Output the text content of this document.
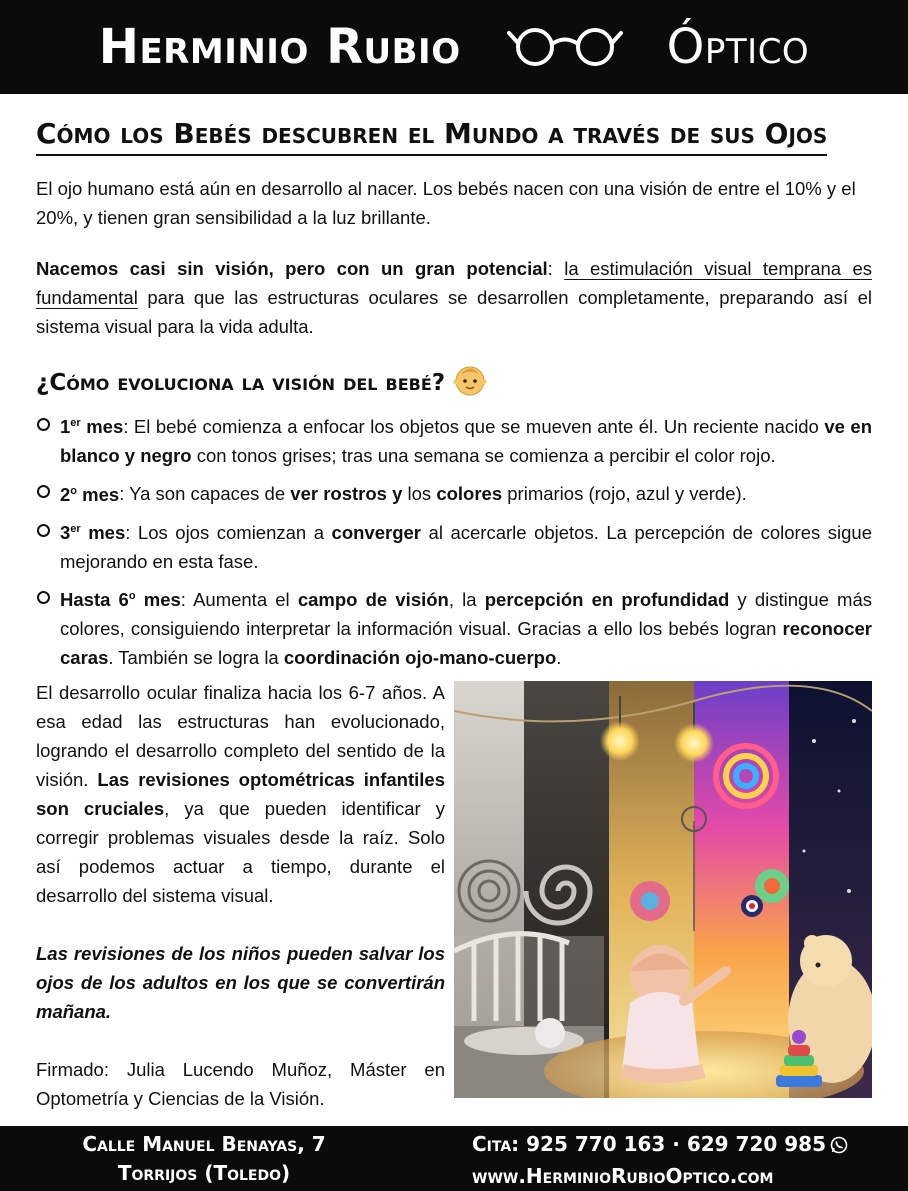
Herminio Rubio	Óptico
Cómo los Bebés descubren el Mundo a través de sus Ojos

El ojo humano está aún en desarrollo al nacer. Los bebés nacen con una visión de entre el 10% y el 20%, y tienen gran sensibilidad a la luz brillante.

Nacemos casi sin visión, pero con un gran potencial: la estimulación visual temprana es fundamental para que las estructuras oculares se desarrollen completamente, preparando así el sistema visual para la vida adulta.

¿Cómo evoluciona la visión del bebé?
1er mes: El bebé comienza a enfocar los objetos que se mueven ante él. Un reciente nacido ve en blanco y negro con tonos grises; tras una semana se comienza a percibir el color rojo.
2$^o$ mes: Ya son capaces de ver rostros y los colores primarios (rojo, azul y verde).
3er mes: Los ojos comienzan a converger al acercarle objetos. La percepción de colores sigue mejorando en esta fase.
Hasta 6$^o$ mes: Aumenta el campo de visión, la percepción en profundidad y distingue más colores, consiguiendo interpretar la información visual. Gracias a ello los bebés logran reconocer caras. También se logra la coordinación ojo-mano-cuerpo.

El desarrollo ocular finaliza hacia los 6-7 años. A esa edad las estructuras han evolucionado, logrando el desarrollo completo del sentido de la visión. Las revisiones optométricas infantiles son cruciales, ya que pueden identificar y corregir problemas visuales desde la raíz. Solo así podemos actuar a tiempo, durante el desarrollo del sistema visual.

Las revisiones de los niños pueden salvar los ojos de los adultos en los que se convertirán mañana.

Firmado: Julia Lucendo Muñoz, Máster en Optometría y Ciencias de la Visión.

Calle Manuel Benayas, 7
Torrijos (Toledo)
Cita: 925 770 163 · 629 720 985
www.HerminioRubioOptico.com
